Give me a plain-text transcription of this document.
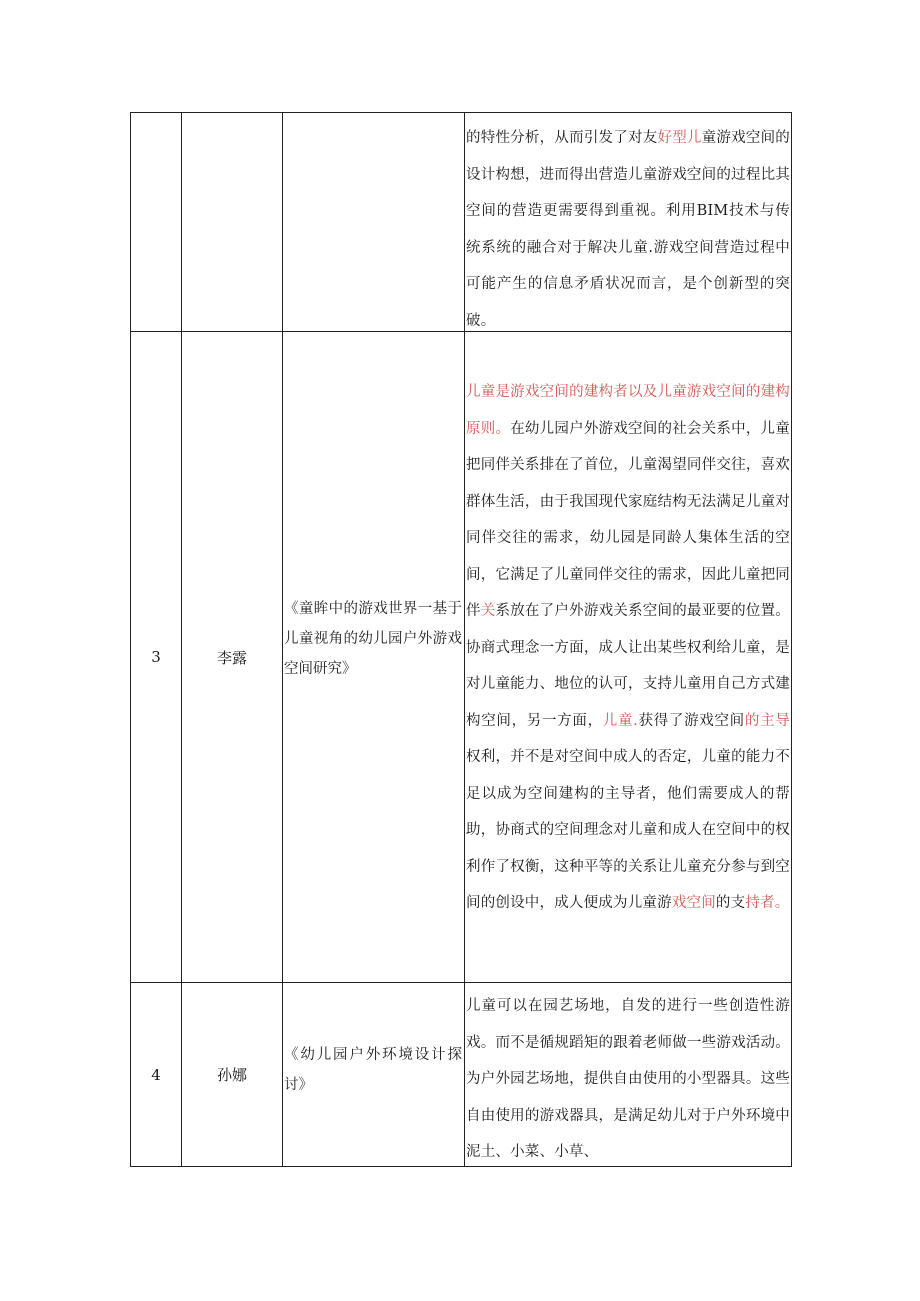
的特性分析，从而引发了对友好型儿童游戏空间的设计构想，进而得出营造儿童游戏空间的过程比其空间的营造更需要得到重视。利用BIM技术与传统系统的融合对于解决儿童.游戏空间营造过程中可能产生的信息矛盾状况而言，是个创新型的突破。
3	李露
《童眸中的游戏世界一基于儿童视角的幼儿园户外游戏空间研究》
儿童是游戏空间的建构者以及儿童游戏空间的建构原则。在幼儿园户外游戏空间的社会关系中，儿童把同伴关系排在了首位，儿童渴望同伴交往，喜欢群体生活，由于我国现代家庭结构无法满足儿童对同伴交往的需求，幼儿园是同龄人集体生活的空间，它满足了儿童同伴交往的需求，因此儿童把同伴关系放在了户外游戏关系空间的最亚要的位置。协商式理念一方面，成人让出某些权利给儿童，是对儿童能力、地位的认可，支持儿童用自己方式建构空间，另一方面，儿童.获得了游戏空间的主导权利，并不是对空间中成人的否定，儿童的能力不足以成为空间建构的主导者，他们需要成人的帮助，协商式的空间理念对儿童和成人在空间中的权利作了权衡，这种平等的关系让儿童充分参与到空间的创设中，成人便成为儿童游戏空间的支持者。
4	孙娜
《幼儿园户外环境设计探讨》
儿童可以在园艺场地，自发的进行一些创造性游戏。而不是循规蹈矩的跟着老师做一些游戏活动。为户外园艺场地，提供自由使用的小型器具。这些自由使用的游戏器具，是满足幼儿对于户外环境中泥土、小菜、小草、
